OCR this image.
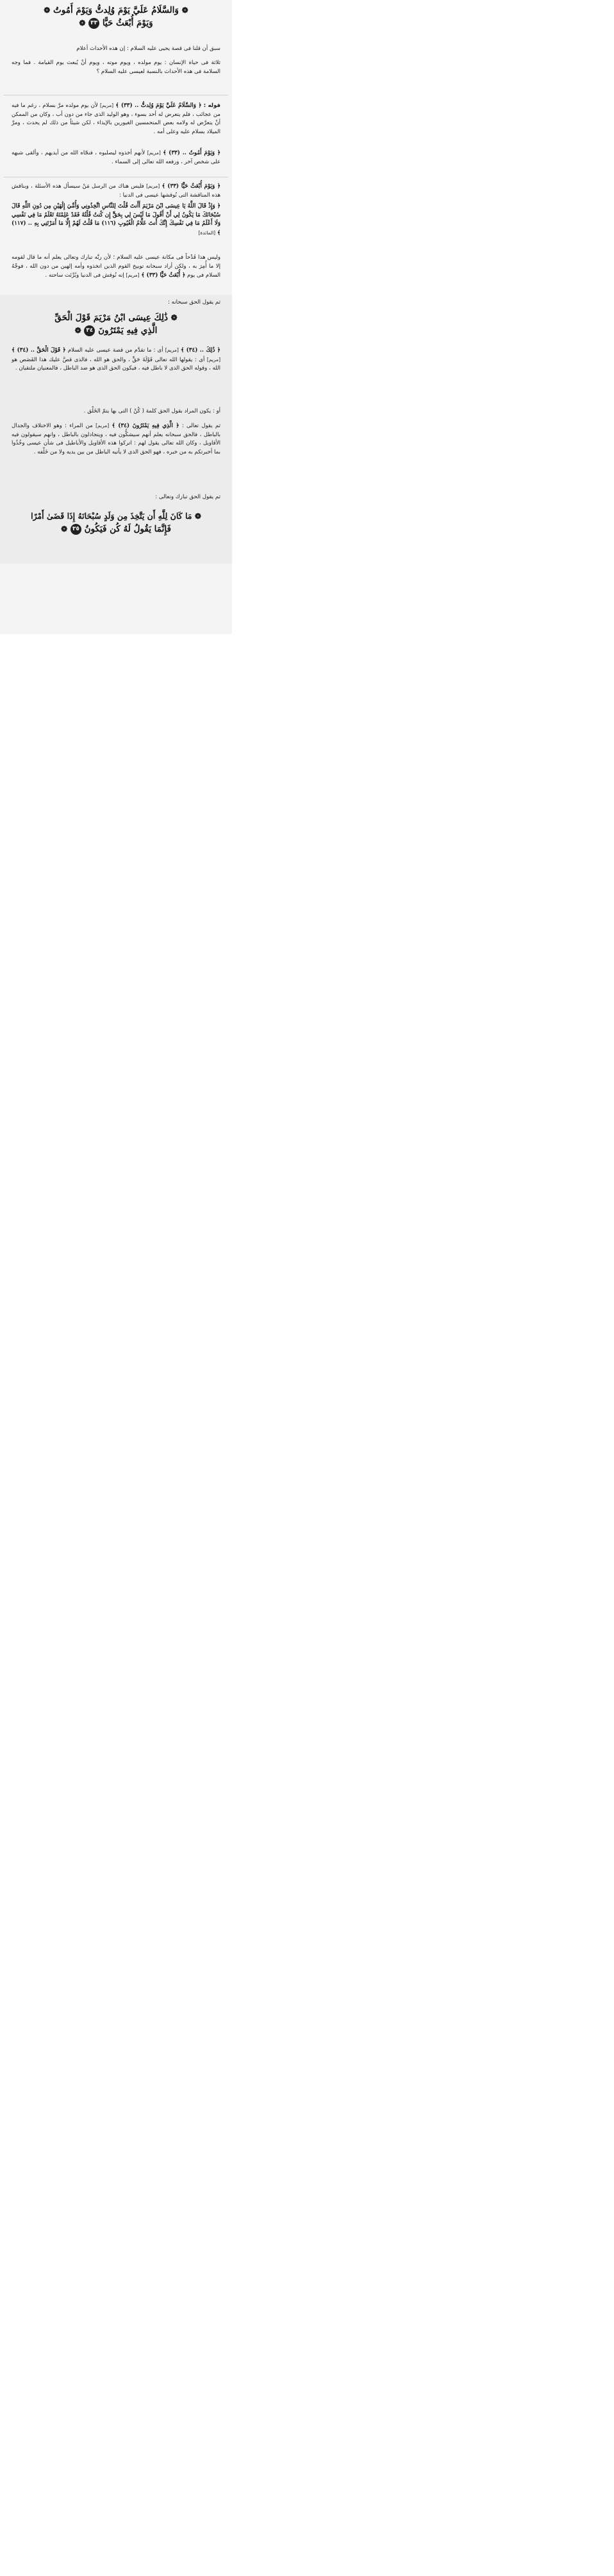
❁ وَالسَّلَامُ عَلَيَّ يَوْمَ وُلِدتُّ وَيَوْمَ أَمُوتُ ❁
وَيَوْمَ أُبْعَثُ حَيًّا ٣٣ ❁
سبق أن قلنا فى قصة يحيى عليه السلام : إن هذه الأحداث أعلام
ثلاثة فى حياة الإنسان : يوم مولده ، ويوم موته ، ويوم أنْ يُبعث يوم القيامة . فما وجه السلامة فى هذه الأحداث بالنسبة لعيسى عليه السلام ؟
قوله : ﴿ وَالسَّلَامُ عَلَيَّ يَوْمَ وُلِدتُّ .. (٣٣) ﴾ [مريم] لأن يوم مولده مرَّ بسلام ، رغم ما فيه من عجائب ، فلم يتعرض له أحد بسوء ، وهو الوليد الذى جاء من دون أب ، وكان من الممكن أنْ يتعرَّض له ولامه بعض المتحمسين الغيورين بالإيذاء ، لكن شيئاً من ذلك لم يحدث ، ومرَّ الميلاد بسلام عليه وعلى أمه .
﴿ وَيَوْمَ أَمُوتُ .. (٣٣) ﴾ [مريم] لأنهم أخذوه ليصلبوه ، فنجّاه الله من أيديهم ، وألقى شبهه على شخص آخر ، ورفعه الله تعالى إلى السماء .
﴿ وَيَوْمَ أُبْعَثُ حَيًّا (٣٣) ﴾ [مريم] فليس هناك من الرسل مَنْ سيسأل هذه الأسئلة ، وبناقش هذه المناقشة التى نُوقشها عيسى فى الدنيا :
﴿ وَإِذْ قَالَ اللَّهُ يَا عِيسَى ابْنَ مَرْيَمَ أَأَنتَ قُلْتَ لِلنَّاسِ اتَّخِذُونِي وَأُمِّيَ إِلَٰهَيْنِ مِن دُونِ اللَّهِ قَالَ سُبْحَانَكَ مَا يَكُونُ لِي أَنْ أَقُولَ مَا لَيْسَ لِي بِحَقٍّ إِن كُنتُ قُلْتُهُ فَقَدْ عَلِمْتَهُ تَعْلَمُ مَا فِي نَفْسِي وَلَا أَعْلَمُ مَا فِي نَفْسِكَ إِنَّكَ أَنتَ عَلَّامُ الْغُيُوبِ (١١٦) مَا قُلْتُ لَهُمْ إِلَّا مَا أَمَرْتَنِي بِهِ .. (١١٧) ﴾ [المائدة]
وليس هذا قَدْحاً فى مكانة عيسى عليه السلام ؛ لأن ربَّه تبارك وتعالى يعلم أنه ما قال لقومه إلا ما أُمِرَ به ، ولكن أراد سبحانه توبيخ القوم الذين اتخذوه وأمه إلهين من دون الله ، فوجْهُ السلام فى يوم ﴿ أُبْعَثُ حَيًّا (٣٣) ﴾ [مريم] إنه نُوقش فى الدنيا وبُرِّئت ساحته .
ثم يقول الحق سبحانه :
❁ ذَٰلِكَ عِيسَى ابْنُ مَرْيَمَ قَوْلَ الْحَقِّ
الَّذِي فِيهِ يَمْتَرُونَ ٣٤ ❁
﴿ ذَٰلِكَ .. (٣٤) ﴾ [مريم] أى : ما تقدَّم من قصة عيسى عليه السلام ﴿ قَوْلَ الْحَقِّ .. (٣٤) ﴾ [مريم] أى : يقولها الله تعالى قَوْلَةَ حَقٍّ ، والحق هو الله ، فالذى قصَّ عليك هذا القَصَص هو الله ، وقوله الحق الذى لا باطل فيه ، فيكون الحق الذى هو ضد الباطل ، فالمعنيان ملتقيان .
أو : يكون المراد بقول الحق كلمة ( كُنْ ) التى بها يتمّ الخَلْق .
ثم يقول تعالى : ﴿ الَّذِي فِيهِ يَمْتَرُونَ (٣٤) ﴾ [مريم] من المراء : وهو الاختلاف والجدال بالباطل ، فالحق سبحانه يعلم أنهم سيشكُّون فيه ، ويتجادلون بالباطل ، وانهم سيقولون فيه الأقاويل ، وكان الله تعالى يقول لهم : اتركوا هذه الأقاويل والأباطيل فى شأن عيسى وخُذُوا بما أخبرتكم به من خبره ، فهو الحق الذى لا يأتيه الباطل من بين يديه ولا من خَلْفه .
ثم يقول الحق تبارك وتعالى :
❁ مَا كَانَ لِلَّهِ أَن يَتَّخِذَ مِن وَلَدٍ سُبْحَانَهُ إِذَا قَضَىٰ أَمْرًا
فَإِنَّمَا يَقُولُ لَهُ كُن فَيَكُونُ ٣٥ ❁
